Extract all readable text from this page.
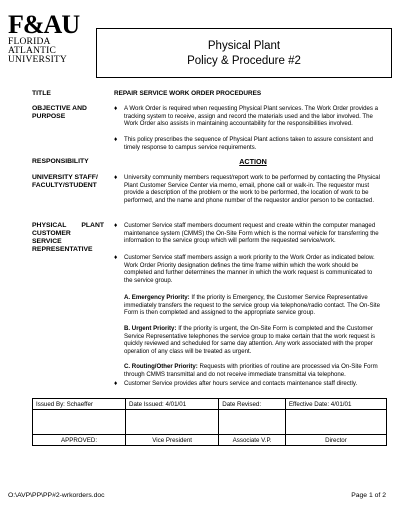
F&AU
FLORIDA
ATLANTIC
UNIVERSITY
Physical Plant
Policy & Procedure #2
TITLE	REPAIR SERVICE WORK ORDER PROCEDURES
OBJECTIVE AND
PURPOSE
♦ A Work Order is required when requesting Physical Plant services. The Work Order provides a tracking system to receive, assign and record the materials used and the labor involved. The Work Order also assists in maintaining accountability for the responsibilities involved.
♦ This policy prescribes the sequence of Physical Plant actions taken to assure consistent and timely response to campus service requirements.
RESPONSIBILITY	ACTION
UNIVERSITY STAFF/
FACULTY/STUDENT
♦ University community members request/report work to be performed by contacting the Physical Plant Customer Service Center via memo, email, phone call or walk-in. The requestor must provide a description of the problem or the work to be performed, the location of work to be performed, and the name and phone number of the requestor and/or person to be contacted.
PHYSICAL PLANT
CUSTOMER
SERVICE
REPRESENTATIVE
♦ Customer Service staff members document request and create within the computer managed maintenance system (CMMS) the On-Site Form which is the normal vehicle for transferring the information to the service group which will perform the requested service/work.
♦ Customer Service staff members assign a work priority to the Work Order as indicated below. Work Order Priority designation defines the time frame within which the work should be completed and further determines the manner in which the work request is communicated to the service group.
A. Emergency Priority: If the priority is Emergency, the Customer Service Representative immediately transfers the request to the service group via telephone/radio contact. The On-Site Form is then completed and assigned to the appropriate service group.
B. Urgent Priority: If the priority is urgent, the On-Site Form is completed and the Customer Service Representative telephones the service group to make certain that the work request is quickly reviewed and scheduled for same day attention. Any work associated with the proper operation of any class will be treated as urgent.
C. Routing/Other Priority: Requests with priorities of routine are processed via On-Site Form through CMMS transmittal and do not receive immediate transmittal via telephone.
♦ Customer Service provides after hours service and contacts maintenance staff directly.
Issued By: Schaeffer	Date Issued: 4/01/01	Date Revised:	Effective Date: 4/01/01

APPROVED:	Vice President	Associate V.P.	Director
O:\AVP\PP\PP#2-wrkorders.doc	Page 1 of 2
